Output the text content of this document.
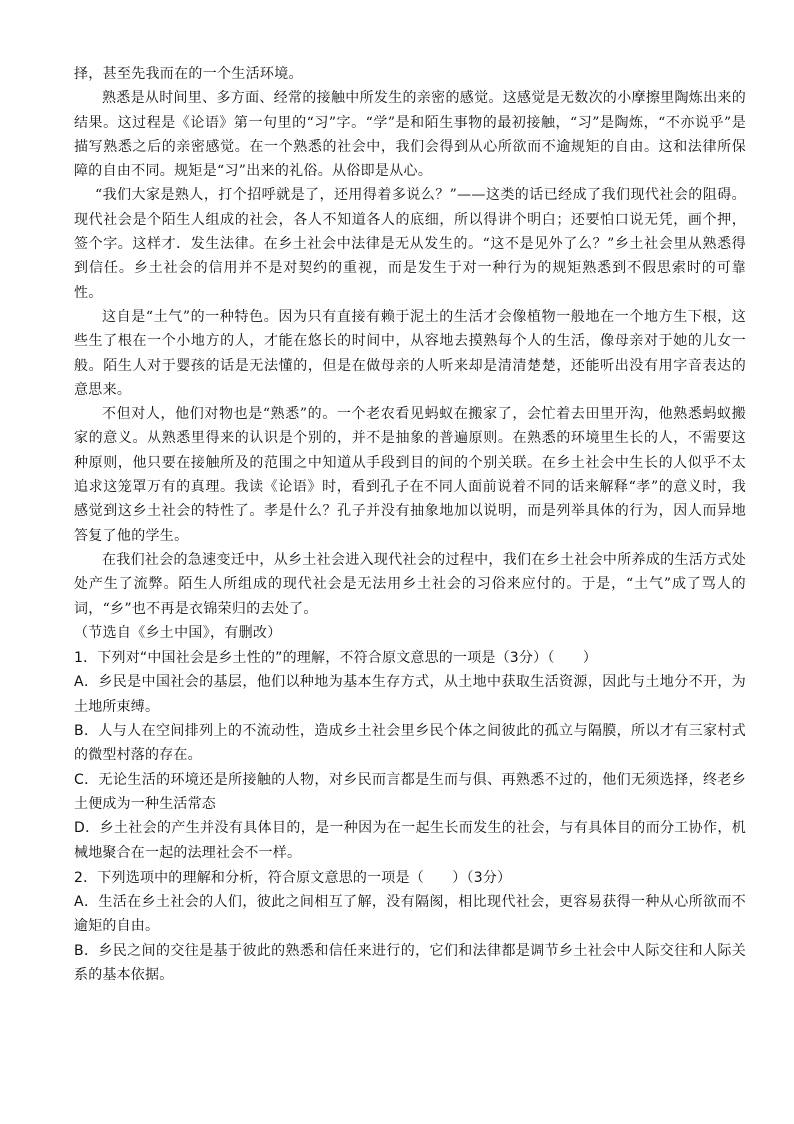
择，甚至先我而在的一个生活环境。

熟悉是从时间里、多方面、经常的接触中所发生的亲密的感觉。这感觉是无数次的小摩擦里陶炼出来的结果。这过程是《论语》第一句里的“习”字。“学”是和陌生事物的最初接触，“习”是陶炼，“不亦说乎”是描写熟悉之后的亲密感觉。在一个熟悉的社会中，我们会得到从心所欲而不逾规矩的自由。这和法律所保障的自由不同。规矩是“习”出来的礼俗。从俗即是从心。

“我们大家是熟人，打个招呼就是了，还用得着多说么？”——这类的话已经成了我们现代社会的阻碍。现代社会是个陌生人组成的社会，各人不知道各人的底细，所以得讲个明白；还要怕口说无凭，画个押，签个字。这样才．发生法律。在乡土社会中法律是无从发生的。“这不是见外了么？”乡土社会里从熟悉得到信任。乡土社会的信用并不是对契约的重视，而是发生于对一种行为的规矩熟悉到不假思索时的可靠性。

这自是“土气”的一种特色。因为只有直接有赖于泥土的生活才会像植物一般地在一个地方生下根，这些生了根在一个小地方的人，才能在悠长的时间中，从容地去摸熟每个人的生活，像母亲对于她的儿女一般。陌生人对于婴孩的话是无法懂的，但是在做母亲的人听来却是清清楚楚，还能听出没有用字音表达的意思来。

不但对人，他们对物也是“熟悉”的。一个老农看见蚂蚁在搬家了，会忙着去田里开沟，他熟悉蚂蚁搬家的意义。从熟悉里得来的认识是个别的，并不是抽象的普遍原则。在熟悉的环境里生长的人，不需要这种原则，他只要在接触所及的范围之中知道从手段到目的间的个别关联。在乡土社会中生长的人似乎不太追求这笼罩万有的真理。我读《论语》时，看到孔子在不同人面前说着不同的话来解释“孝”的意义时，我感觉到这乡土社会的特性了。孝是什么？孔子并没有抽象地加以说明，而是列举具体的行为，因人而异地答复了他的学生。

在我们社会的急速变迁中，从乡土社会进入现代社会的过程中，我们在乡土社会中所养成的生活方式处处产生了流弊。陌生人所组成的现代社会是无法用乡土社会的习俗来应付的。于是，“土气”成了骂人的词，“乡”也不再是衣锦荣归的去处了。

（节选自《乡土中国》，有删改）

1．下列对“中国社会是乡土性的”的理解，不符合原文意思的一项是（3分）（　　）

A．乡民是中国社会的基层，他们以种地为基本生存方式，从土地中获取生活资源，因此与土地分不开，为土地所束缚。

B．人与人在空间排列上的不流动性，造成乡土社会里乡民个体之间彼此的孤立与隔膜，所以才有三家村式的微型村落的存在。

C．无论生活的环境还是所接触的人物，对乡民而言都是生而与俱、再熟悉不过的，他们无须选择，终老乡土便成为一种生活常态

D．乡土社会的产生并没有具体目的，是一种因为在一起生长而发生的社会，与有具体目的而分工协作，机械地聚合在一起的法理社会不一样。

2．下列选项中的理解和分析，符合原文意思的一项是（　　）（3分）

A．生活在乡土社会的人们，彼此之间相互了解，没有隔阂，相比现代社会，更容易获得一种从心所欲而不逾矩的自由。

B．乡民之间的交往是基于彼此的熟悉和信任来进行的，它们和法律都是调节乡土社会中人际交往和人际关系的基本依据。
